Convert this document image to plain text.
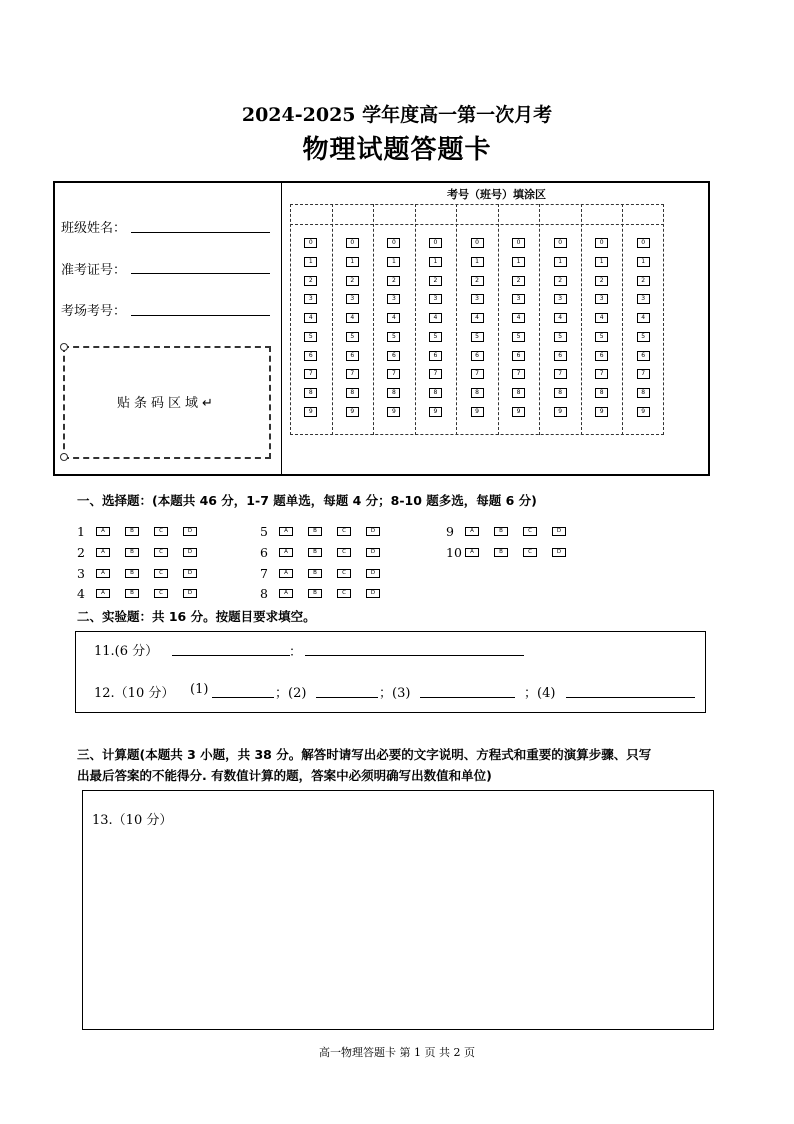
2024-2025 学年度高一第一次月考
物理试题答题卡
班级姓名：
准考证号：
考场考号：
贴条码区域↵
考号（班号）填涂区
0	0	0	0	0	0	0	0	0
1	1	1	1	1	1	1	1	1
2	2	2	2	2	2	2	2	2
3	3	3	3	3	3	3	3	3
4	4	4	4	4	4	4	4	4
5	5	5	5	5	5	5	5	5
6	6	6	6	6	6	6	6	6
7	7	7	7	7	7	7	7	7
8	8	8	8	8	8	8	8	8
9	9	9	9	9	9	9	9	9
一、选择题：(本题共 46 分，1-7 题单选，每题 4 分；8-10 题多选，每题 6 分)
1	A	B	C	D
2	A	B	C	D
3	A	B	C	D
4	A	B	C	D
5	A	B	C	D
6	A	B	C	D
7	A	B	C	D
8	A	B	C	D
9	A	B	C	D
10	A	B	C	D
二、实验题：共 16 分。按题目要求填空。
11.(6 分）	：
12.（10 分） (1)	；(2)	；(3)	；(4)
三、计算题(本题共 3 小题，共 38 分。解答时请写出必要的文字说明、方程式和重要的演算步骤、只写
出最后答案的不能得分. 有数值计算的题，答案中必须明确写出数值和单位)
13.（10 分）
高一物理答题卡 第 1 页 共 2 页
